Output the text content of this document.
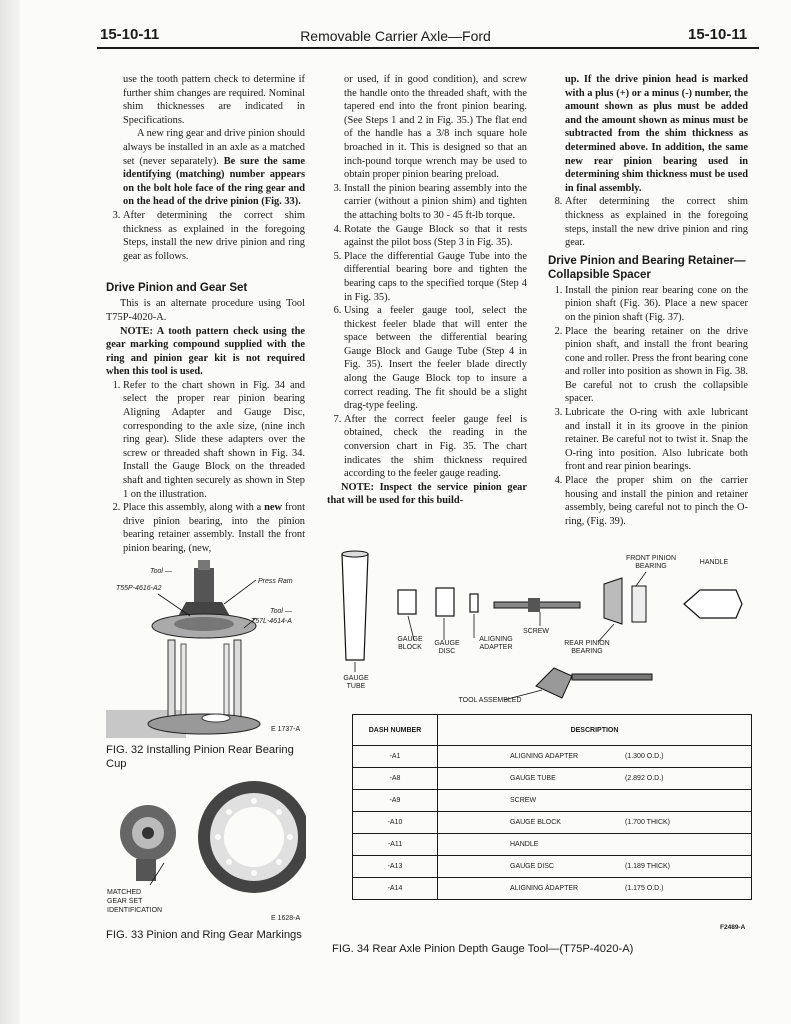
15-10-11	Removable Carrier Axle—Ford	15-10-11

use the tooth pattern check to determine if further shim changes are required. Nominal shim thicknesses are indicated in Specifications.

A new ring gear and drive pinion should always be installed in an axle as a matched set (never separately). Be sure the same identifying (matching) number appears on the bolt hole face of the ring gear and on the head of the drive pinion (Fig. 33).

3. After determining the correct shim thickness as explained in the foregoing Steps, install the new drive pinion and ring gear as follows.

Drive Pinion and Gear Set

This is an alternate procedure using Tool T75P-4020-A.

NOTE: A tooth pattern check using the gear marking compound supplied with the ring and pinion gear kit is not required when this tool is used.

1. Refer to the chart shown in Fig. 34 and select the proper rear pinion bearing Aligning Adapter and Gauge Disc, corresponding to the axle size, (nine inch ring gear). Slide these adapters over the screw or threaded shaft shown in Fig. 34. Install the Gauge Block on the threaded shaft and tighten securely as shown in Step 1 on the illustration.
2. Place this assembly, along with a new front drive pinion bearing, into the pinion bearing retainer assembly. Install the front pinion bearing, (new,

or used, if in good condition), and screw the handle onto the threaded shaft, with the tapered end into the front pinion bearing. (See Steps 1 and 2 in Fig. 35.) The flat end of the handle has a 3/8 inch square hole broached in it. This is designed so that an inch-pound torque wrench may be used to obtain proper pinion bearing preload.

3. Install the pinion bearing assembly into the carrier (without a pinion shim) and tighten the attaching bolts to 30 - 45 ft-lb torque.
4. Rotate the Gauge Block so that it rests against the pilot boss (Step 3 in Fig. 35).
5. Place the differential Gauge Tube into the differential bearing bore and tighten the bearing caps to the specified torque (Step 4 in Fig. 35).
6. Using a feeler gauge tool, select the thickest feeler blade that will enter the space between the differential bearing Gauge Block and Gauge Tube (Step 4 in Fig. 35). Insert the feeler blade directly along the Gauge Block top to insure a correct reading. The fit should be a slight drag-type feeling.
7. After the correct feeler gauge feel is obtained, check the reading in the conversion chart in Fig. 35. The chart indicates the shim thickness required according to the feeler gauge reading.

NOTE: Inspect the service pinion gear that will be used for this build-

up. If the drive pinion head is marked with a plus (+) or a minus (-) number, the amount shown as plus must be added and the amount shown as minus must be subtracted from the shim thickness as determined above. In addition, the same new rear pinion bearing used in determining shim thickness must be used in final assembly.

8. After determining the correct shim thickness as explained in the foregoing steps, install the new drive pinion and ring gear.

Drive Pinion and Bearing Retainer—Collapsible Spacer

1. Install the pinion rear bearing cone on the pinion shaft (Fig. 36). Place a new spacer on the pinion shaft (Fig. 37).
2. Place the bearing retainer on the drive pinion shaft, and install the front bearing cone and roller. Press the front bearing cone and roller into position as shown in Fig. 38. Be careful not to crush the collapsible spacer.
3. Lubricate the O-ring with axle lubricant and install it in its groove in the pinion retainer. Be careful not to twist it. Snap the O-ring into position. Also lubricate both front and rear pinion bearings.
4. Place the proper shim on the carrier housing and install the pinion and retainer assembly, being careful not to pinch the O-ring, (Fig. 39).
Tool —
T55P-4616-A2
Press Ram
Tool —
T57L-4614-A
E 1737-A
FIG. 32 Installing Pinion Rear Bearing Cup
MATCHED
GEAR SET
IDENTIFICATION
E 1628-A
FIG. 33 Pinion and Ring Gear Markings
GAUGE BLOCK
GAUGE DISC
ALIGNING ADAPTER
SCREW
REAR PINION BEARING
FRONT PINION BEARING
HANDLE
GAUGE TUBE
TOOL ASSEMBLED
DASH NUMBER	DESCRIPTION
-A1	ALIGNING ADAPTER (1.300 O.D.)
-A8	GAUGE TUBE (2.892 O.D.)
-A9	SCREW
-A10	GAUGE BLOCK (1.700 THICK)
-A11	HANDLE
-A13	GAUGE DISC (1.189 THICK)
-A14	ALIGNING ADAPTER (1.175 O.D.)
F2489-A
FIG. 34 Rear Axle Pinion Depth Gauge Tool—(T75P-4020-A)
